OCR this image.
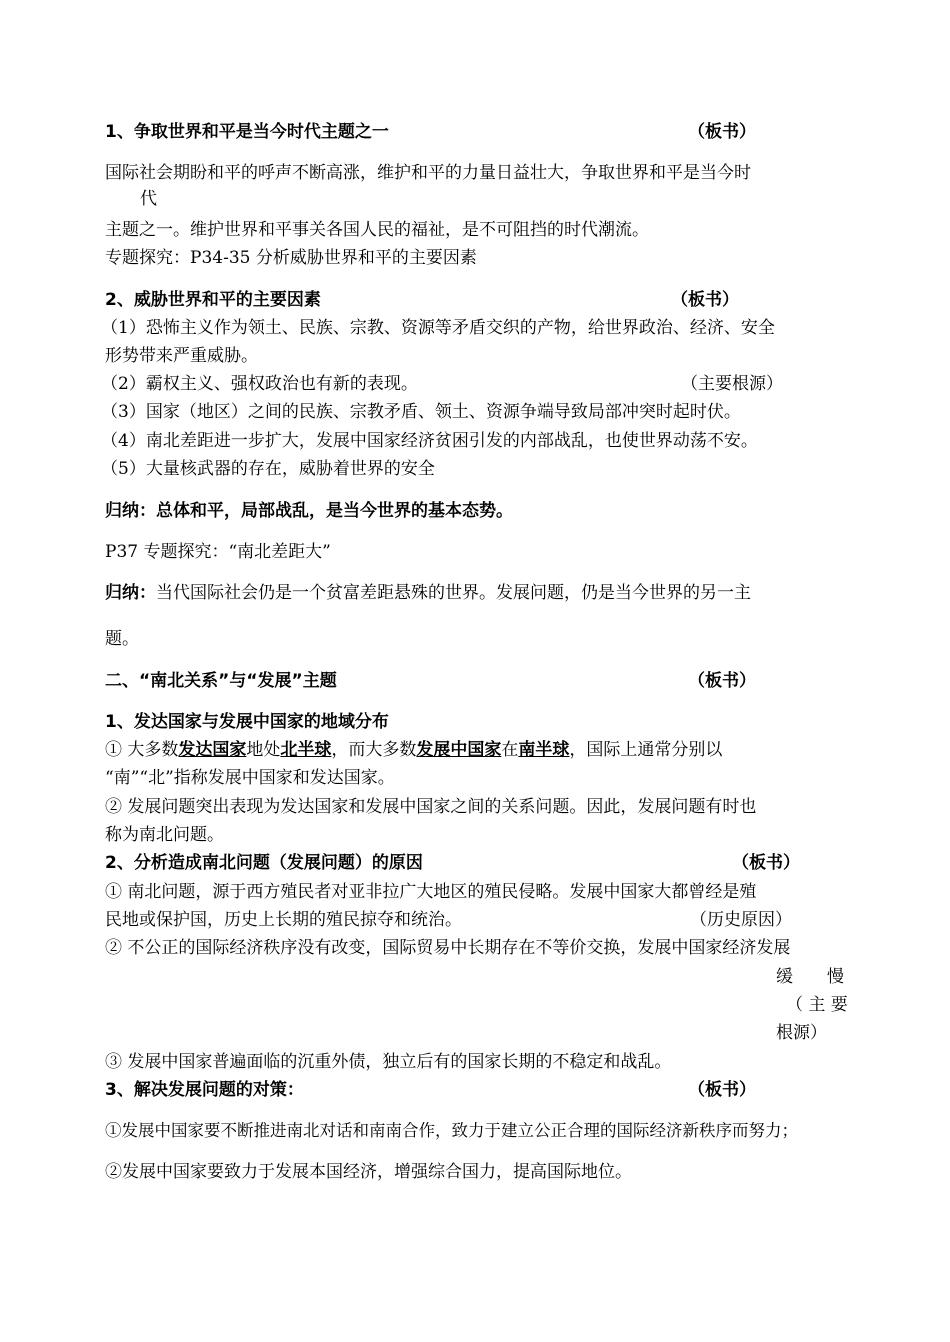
1、争取世界和平是当今时代主题之一	（板书）
国际社会期盼和平的呼声不断高涨，维护和平的力量日益壮大，争取世界和平是当今时
代
主题之一。维护世界和平事关各国人民的福祉，是不可阻挡的时代潮流。
专题探究：P34-35 分析威胁世界和平的主要因素
2、威胁世界和平的主要因素	（板书）
（1）恐怖主义作为领土、民族、宗教、资源等矛盾交织的产物，给世界政治、经济、安全
形势带来严重威胁。
（2）霸权主义、强权政治也有新的表现。	（主要根源）
（3）国家（地区）之间的民族、宗教矛盾、领土、资源争端导致局部冲突时起时伏。
（4）南北差距进一步扩大，发展中国家经济贫困引发的内部战乱，也使世界动荡不安。
（5）大量核武器的存在，威胁着世界的安全
归纳：总体和平，局部战乱，是当今世界的基本态势。
P37 专题探究：“南北差距大”
归纳：当代国际社会仍是一个贫富差距悬殊的世界。发展问题，仍是当今世界的另一主
题。
二、“南北关系”与“发展”主题	（板书）
1、发达国家与发展中国家的地域分布
① 大多数发达国家地处北半球，而大多数发展中国家在南半球，国际上通常分别以
“南”“北”指称发展中国家和发达国家。
② 发展问题突出表现为发达国家和发展中国家之间的关系问题。因此，发展问题有时也
称为南北问题。
2、分析造成南北问题（发展问题）的原因	（板书）
① 南北问题，源于西方殖民者对亚非拉广大地区的殖民侵略。发展中国家大都曾经是殖
民地或保护国，历史上长期的殖民掠夺和统治。	（历史原因）
② 不公正的国际经济秩序没有改变，国际贸易中长期存在不等价交换，发展中国家经济发展
缓　　慢
（ 主 要
根源）
③ 发展中国家普遍面临的沉重外债，独立后有的国家长期的不稳定和战乱。
3、解决发展问题的对策：	（板书）
①发展中国家要不断推进南北对话和南南合作，致力于建立公正合理的国际经济新秩序而努力；
②发展中国家要致力于发展本国经济，增强综合国力，提高国际地位。
